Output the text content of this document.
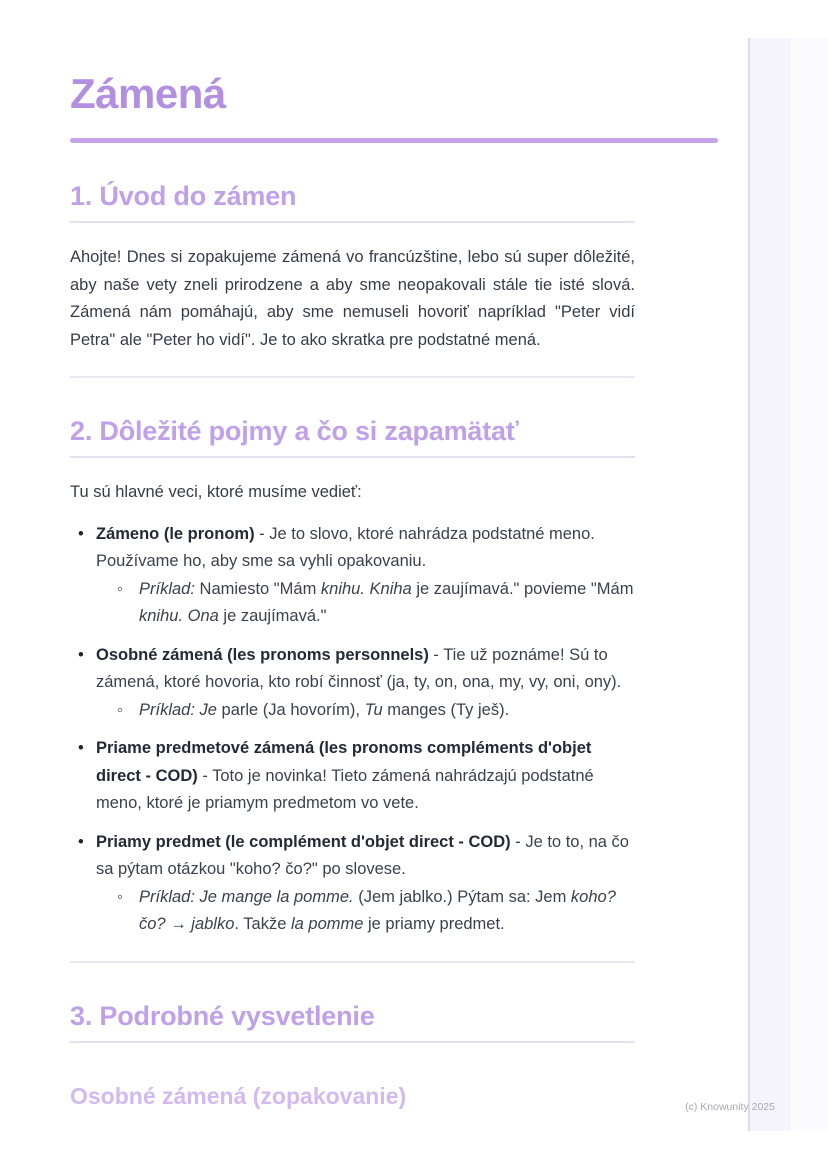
Zámená
1. Úvod do zámen

Ahojte! Dnes si zopakujeme zámená vo francúzštine, lebo sú super dôležité, aby naše vety zneli prirodzene a aby sme neopakovali stále tie isté slová. Zámená nám pomáhajú, aby sme nemuseli hovoriť napríklad "Peter vidí Petra" ale "Peter ho vidí". Je to ako skratka pre podstatné mená.

2. Dôležité pojmy a čo si zapamätať

Tu sú hlavné veci, ktoré musíme vedieť:

• Zámeno (le pronom) - Je to slovo, ktoré nahrádza podstatné meno. Používame ho, aby sme sa vyhli opakovaniu.
◦ Príklad: Namiesto "Mám knihu. Kniha je zaujímavá." povieme "Mám knihu. Ona je zaujímavá."
• Osobné zámená (les pronoms personnels) - Tie už poznáme! Sú to zámená, ktoré hovoria, kto robí činnosť (ja, ty, on, ona, my, vy, oni, ony).
◦ Príklad: Je parle (Ja hovorím), Tu manges (Ty ješ).
• Priame predmetové zámená (les pronoms compléments d'objet direct - COD) - Toto je novinka! Tieto zámená nahrádzajú podstatné meno, ktoré je priamym predmetom vo vete.
• Priamy predmet (le complément d'objet direct - COD) - Je to to, na čo sa pýtam otázkou "koho? čo?" po slovese.
◦ Príklad: Je mange la pomme. (Jem jablko.) Pýtam sa: Jem koho? čo? → jablko. Takže la pomme je priamy predmet.
3. Podrobné vysvetlenie
Osobné zámená (zopakovanie)	(c) Knowunity 2025
